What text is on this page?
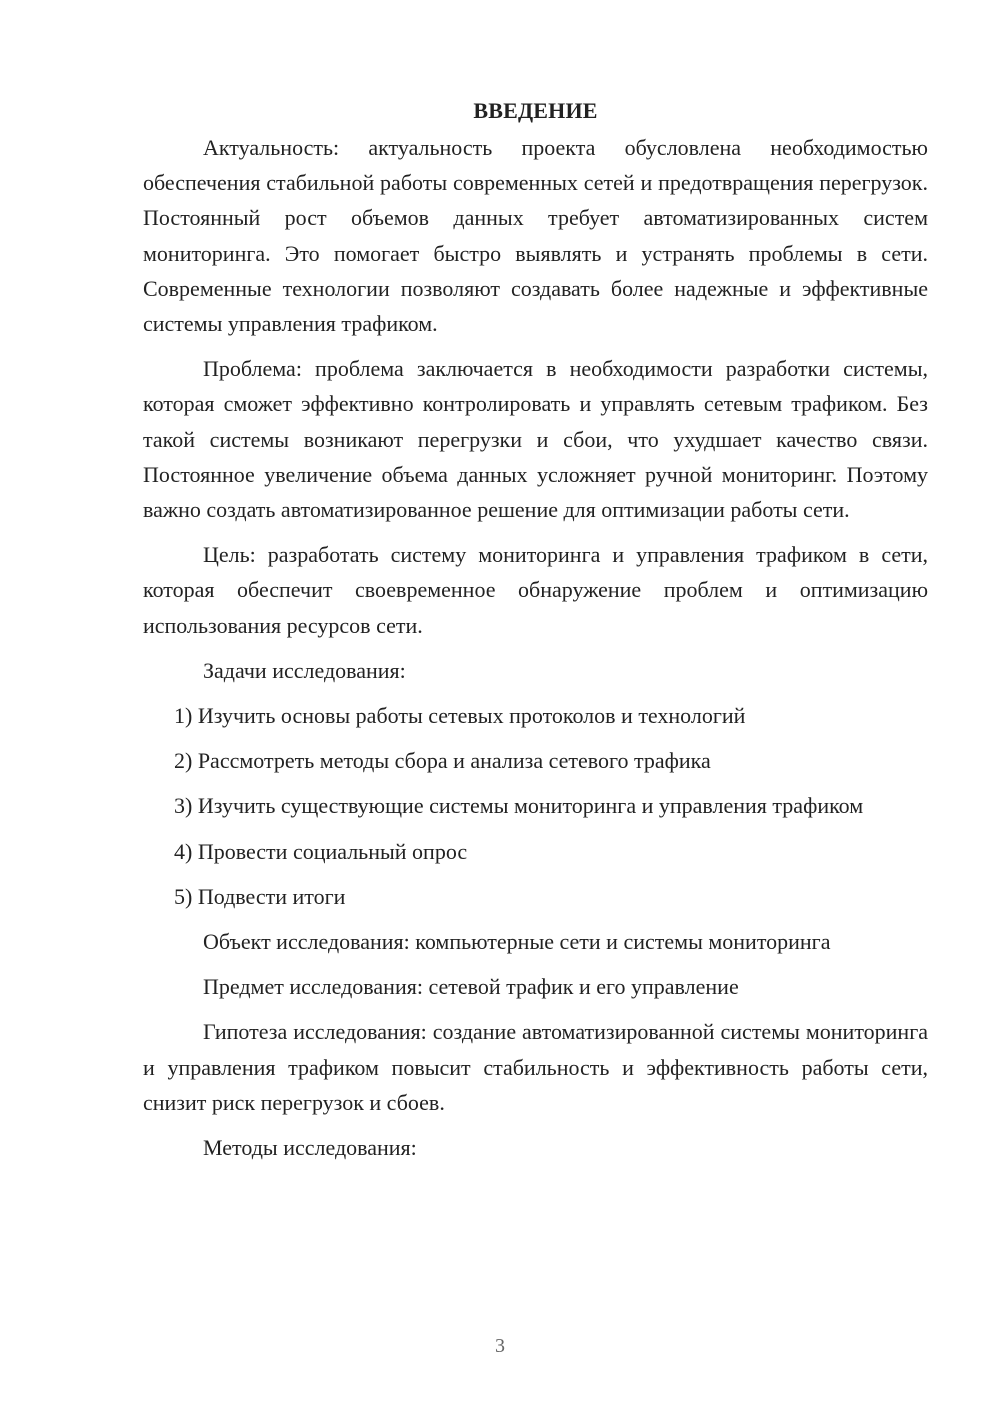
ВВЕДЕНИЕ

Актуальность: актуальность проекта обусловлена необходимостью обеспечения стабильной работы современных сетей и предотвращения перегрузок. Постоянный рост объемов данных требует автоматизированных систем мониторинга. Это помогает быстро выявлять и устранять проблемы в сети. Современные технологии позволяют создавать более надежные и эффективные системы управления трафиком.

Проблема: проблема заключается в необходимости разработки системы, которая сможет эффективно контролировать и управлять сетевым трафиком. Без такой системы возникают перегрузки и сбои, что ухудшает качество связи. Постоянное увеличение объема данных усложняет ручной мониторинг. Поэтому важно создать автоматизированное решение для оптимизации работы сети.

Цель: разработать систему мониторинга и управления трафиком в сети, которая обеспечит своевременное обнаружение проблем и оптимизацию использования ресурсов сети.

Задачи исследования:

1) Изучить основы работы сетевых протоколов и технологий

2) Рассмотреть методы сбора и анализа сетевого трафика

3) Изучить существующие системы мониторинга и управления трафиком

4) Провести социальный опрос

5) Подвести итоги

Объект исследования: компьютерные сети и системы мониторинга

Предмет исследования: сетевой трафик и его управление

Гипотеза исследования: создание автоматизированной системы мониторинга и управления трафиком повысит стабильность и эффективность работы сети, снизит риск перегрузок и сбоев.

Методы исследования:

3
